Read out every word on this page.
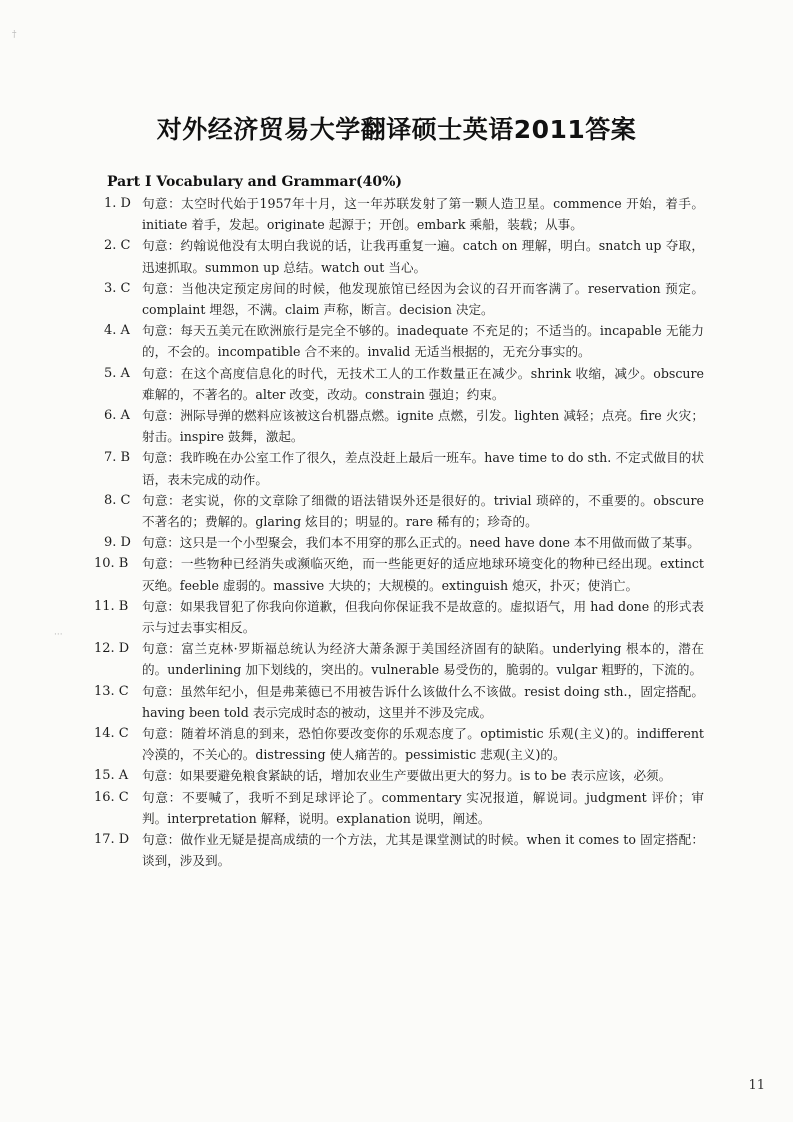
†
···
对外经济贸易大学翻译硕士英语2011答案
Part I Vocabulary and Grammar(40%)
1. D 句意：太空时代始于1957年十月，这一年苏联发射了第一颗人造卫星。commence 开始，着手。initiate 着手，发起。originate 起源于；开创。embark 乘船，装载；从事。
2. C 句意：约翰说他没有太明白我说的话，让我再重复一遍。catch on 理解，明白。snatch up 夺取，迅速抓取。summon up 总结。watch out 当心。
3. C 句意：当他决定预定房间的时候，他发现旅馆已经因为会议的召开而客满了。reservation 预定。complaint 埋怨，不满。claim 声称，断言。decision 决定。
4. A 句意：每天五美元在欧洲旅行是完全不够的。inadequate 不充足的；不适当的。incapable 无能力的，不会的。incompatible 合不来的。invalid 无适当根据的，无充分事实的。
5. A 句意：在这个高度信息化的时代，无技术工人的工作数量正在减少。shrink 收缩，减少。obscure 难解的，不著名的。alter 改变，改动。constrain 强迫；约束。
6. A 句意：洲际导弹的燃料应该被这台机器点燃。ignite 点燃，引发。lighten 减轻；点亮。fire 火灾；射击。inspire 鼓舞，激起。
7. B 句意：我昨晚在办公室工作了很久，差点没赶上最后一班车。have time to do sth. 不定式做目的状语，表未完成的动作。
8. C 句意：老实说，你的文章除了细微的语法错误外还是很好的。trivial 琐碎的，不重要的。obscure 不著名的；费解的。glaring 炫目的；明显的。rare 稀有的；珍奇的。
9. D 句意：这只是一个小型聚会，我们本不用穿的那么正式的。need have done 本不用做而做了某事。
10. B	句意：一些物种已经消失或濒临灭绝，而一些能更好的适应地球环境变化的物种已经出现。extinct 灭绝。feeble 虚弱的。massive 大块的；大规模的。extinguish 熄灭，扑灭；使消亡。
11. B	句意：如果我冒犯了你我向你道歉，但我向你保证我不是故意的。虚拟语气，用 had done 的形式表示与过去事实相反。
12. D	句意：富兰克林·罗斯福总统认为经济大萧条源于美国经济固有的缺陷。underlying 根本的，潜在的。underlining 加下划线的，突出的。vulnerable 易受伤的，脆弱的。vulgar 粗野的，下流的。
13. C	句意：虽然年纪小，但是弗莱德已不用被告诉什么该做什么不该做。resist doing sth.，固定搭配。having been told 表示完成时态的被动，这里并不涉及完成。
14. C	句意：随着坏消息的到来，恐怕你要改变你的乐观态度了。optimistic 乐观(主义)的。indifferent 冷漠的，不关心的。distressing 使人痛苦的。pessimistic 悲观(主义)的。
15. A	句意：如果要避免粮食紧缺的话，增加农业生产要做出更大的努力。is to be 表示应该，必须。
16. C	句意：不要喊了，我听不到足球评论了。commentary 实况报道，解说词。judgment 评价；审判。interpretation 解释，说明。explanation 说明，阐述。
17. D	句意：做作业无疑是提高成绩的一个方法，尤其是课堂测试的时候。when it comes to 固定搭配：谈到，涉及到。
11
